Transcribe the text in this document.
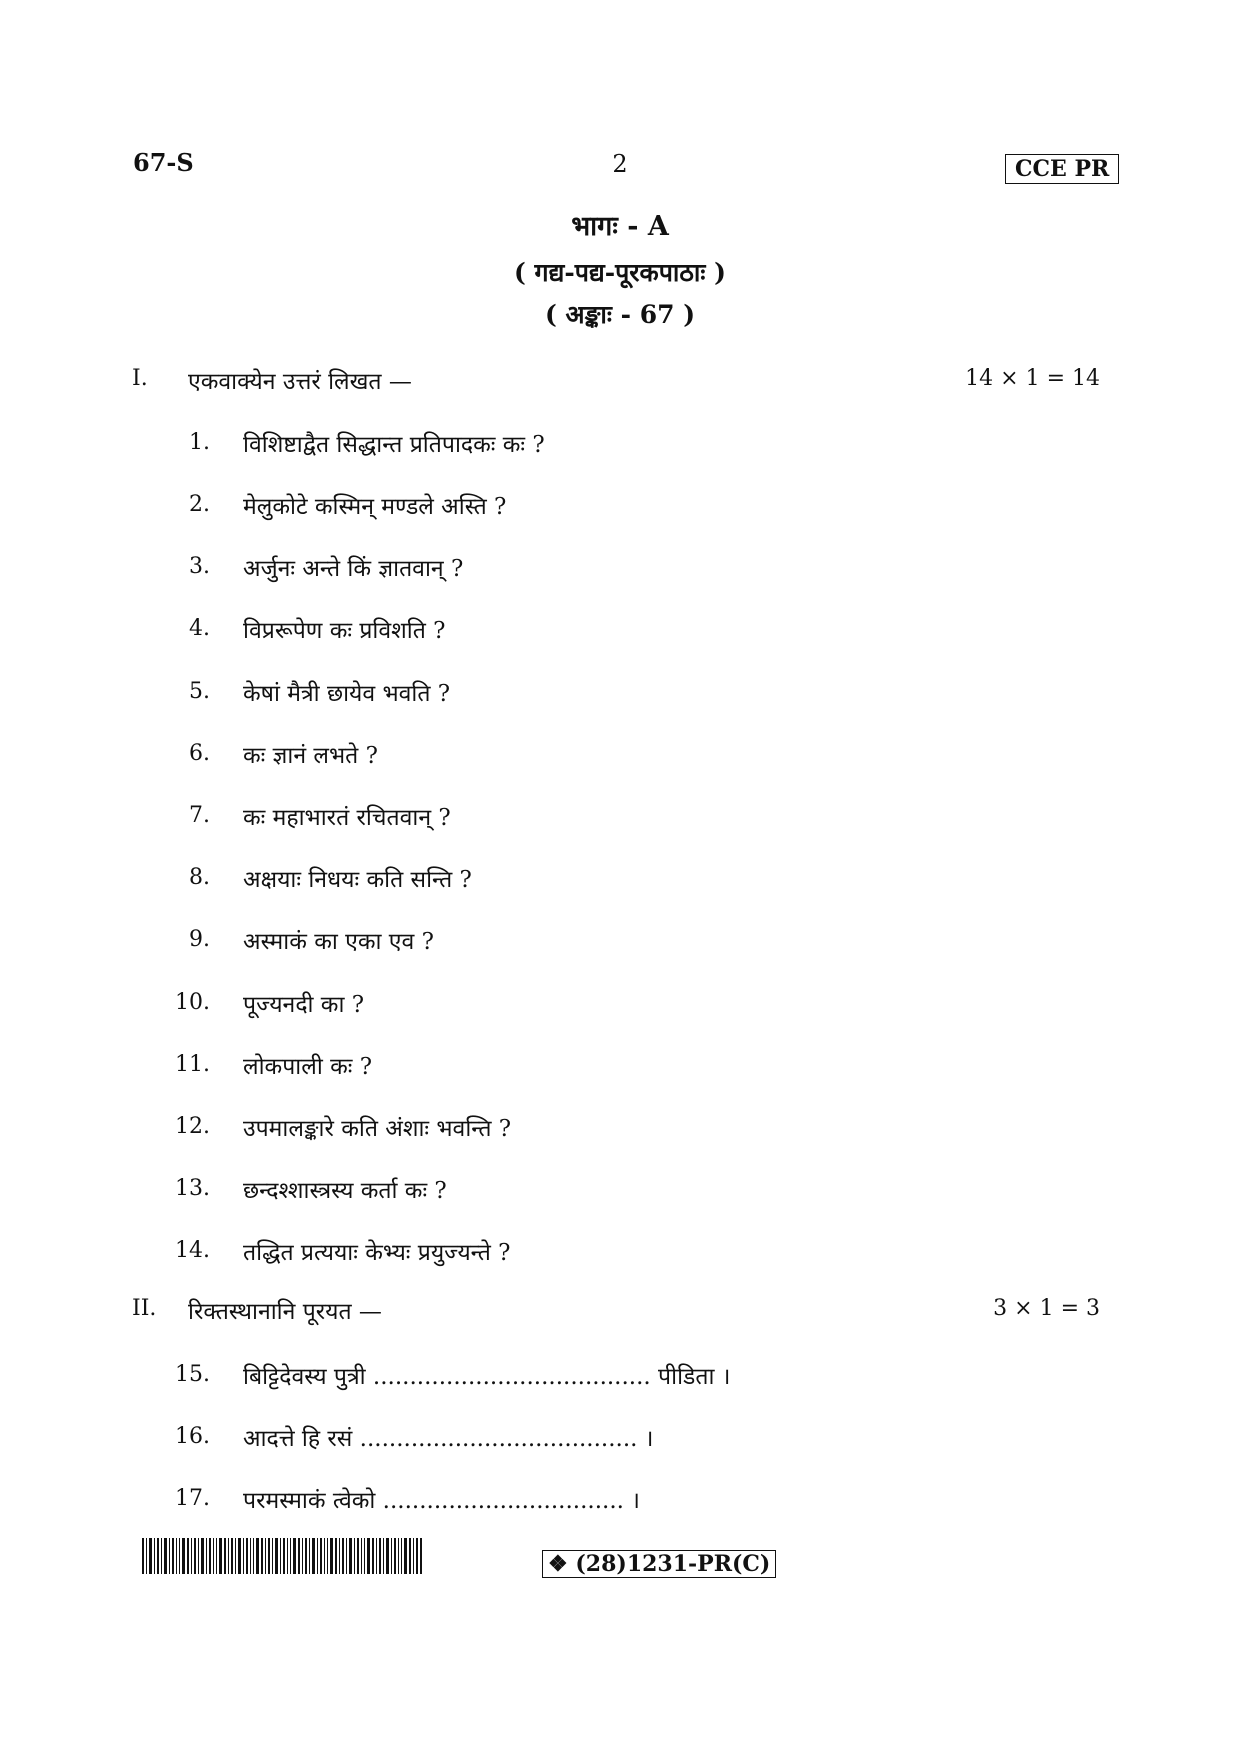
67-S	2	CCE PR
भागः - A
( गद्य-पद्य-पूरकपाठाः )
( अङ्काः - 67 )
I. एकवाक्येन उत्तरं लिखत —	14 × 1 = 14
1. विशिष्टाद्वैत सिद्धान्त प्रतिपादकः कः ?
2. मेलुकोटे कस्मिन् मण्डले अस्ति ?
3. अर्जुनः अन्ते किं ज्ञातवान् ?
4. विप्ररूपेण कः प्रविशति ?
5. केषां मैत्री छायेव भवति ?
6. कः ज्ञानं लभते ?
7. कः महाभारतं रचितवान् ?
8. अक्षयाः निधयः कति सन्ति ?
9. अस्माकं का एका एव ?
10. पूज्यनदी का ?
11. लोकपाली कः ?
12. उपमालङ्कारे कति अंशाः भवन्ति ?
13. छन्दश्शास्त्रस्य कर्ता कः ?
14. तद्धित प्रत्ययाः केभ्यः प्रयुज्यन्ते ?
II. रिक्तस्थानानि पूरयत —	3 × 1 = 3
15. बिट्टिदेवस्य पुत्री ...................................... पीडिता ।
16. आदत्ते हि रसं ...................................... ।
17. परमस्माकं त्वेको ................................. ।
❖ (28)1231-PR(C)
